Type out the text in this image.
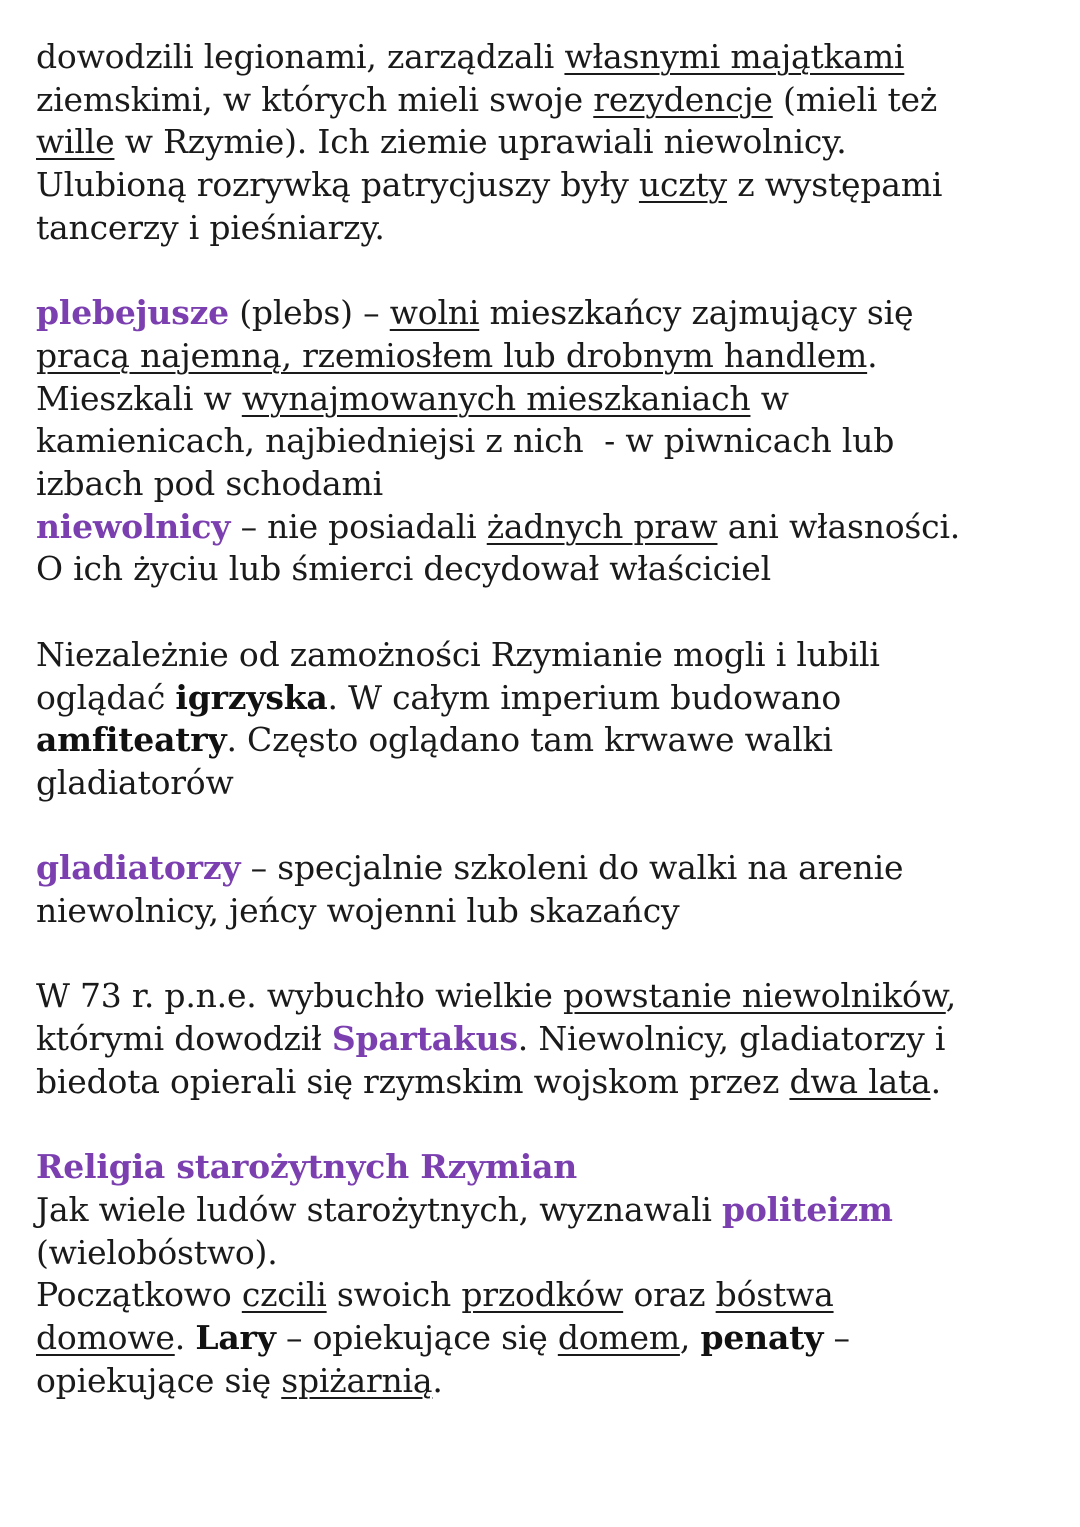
dowodzili legionami, zarządzali własnymi majątkami
ziemskimi, w których mieli swoje rezydencje (mieli też
wille w Rzymie). Ich ziemie uprawiali niewolnicy.
Ulubioną rozrywką patrycjuszy były uczty z występami
tancerzy i pieśniarzy.
plebejusze (plebs) – wolni mieszkańcy zajmujący się
pracą najemną, rzemiosłem lub drobnym handlem.
Mieszkali w wynajmowanych mieszkaniach w
kamienicach, najbiedniejsi z nich  - w piwnicach lub
izbach pod schodami
niewolnicy – nie posiadali żadnych praw ani własności.
O ich życiu lub śmierci decydował właściciel
Niezależnie od zamożności Rzymianie mogli i lubili
oglądać igrzyska. W całym imperium budowano
amfiteatry. Często oglądano tam krwawe walki
gladiatorów
gladiatorzy – specjalnie szkoleni do walki na arenie
niewolnicy, jeńcy wojenni lub skazańcy
W 73 r. p.n.e. wybuchło wielkie powstanie niewolników,
którymi dowodził Spartakus. Niewolnicy, gladiatorzy i
biedota opierali się rzymskim wojskom przez dwa lata.
Religia starożytnych Rzymian
Jak wiele ludów starożytnych, wyznawali politeizm
(wielobóstwo).
Początkowo czcili swoich przodków oraz bóstwa
domowe. Lary – opiekujące się domem, penaty –
opiekujące się spiżarnią.
